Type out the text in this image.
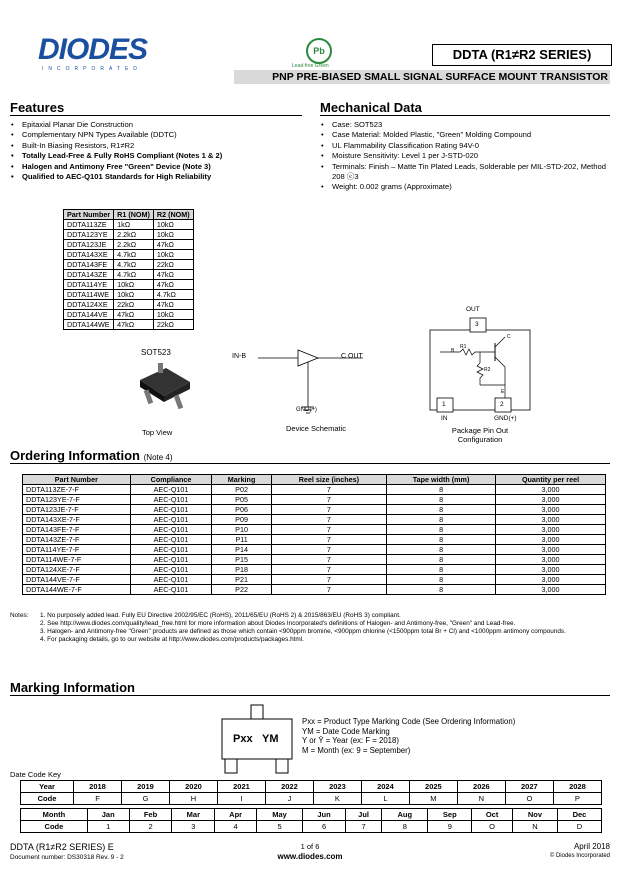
DIODES
INCORPORATED
Pb
Lead-free Green
DDTA (R1≠R2 SERIES)
PNP PRE-BIASED SMALL SIGNAL SURFACE MOUNT TRANSISTOR
Features
• Epitaxial Planar Die Construction
• Complementary NPN Types Available (DDTC)
• Built-In Biasing Resistors, R1≠R2
• Totally Lead-Free & Fully RoHS Compliant (Notes 1 & 2)
• Halogen and Antimony Free "Green" Device (Note 3)
• Qualified to AEC-Q101 Standards for High Reliability
Mechanical Data
• Case: SOT523
• Case Material: Molded Plastic, "Green" Molding Compound
• UL Flammability Classification Rating 94V-0
• Moisture Sensitivity: Level 1 per J-STD-020
• Terminals: Finish – Matte Tin Plated Leads, Solderable per MIL-STD-202, Method 208 ⓔ3
• Weight: 0.002 grams (Approximate)
Part Number	R1 (NOM)	R2 (NOM)
DDTA113ZE	1kΩ	10kΩ
DDTA123YE	2.2kΩ	10kΩ
DDTA123JE	2.2kΩ	47kΩ
DDTA143XE	4.7kΩ	10kΩ
DDTA143FE	4.7kΩ	22kΩ
DDTA143ZE	4.7kΩ	47kΩ
DDTA114YE	10kΩ	47kΩ
DDTA114WE	10kΩ	4.7kΩ
DDTA124XE	22kΩ	47kΩ
DDTA144VE	47kΩ	10kΩ
DDTA144WE	47kΩ	22kΩ
SOT523
Top View
IN-B	C OUT
GND(+)
Device Schematic
OUT
3
1	2
R1
R2
B
C
E
IN	GND(+)
Package Pin Out Configuration
Ordering Information (Note 4)
Part Number	Compliance	Marking	Reel size (inches)	Tape width (mm)	Quantity per reel
DDTA113ZE-7-F	AEC-Q101	P02	7	8	3,000
DDTA123YE-7-F	AEC-Q101	P05	7	8	3,000
DDTA123JE-7-F	AEC-Q101	P06	7	8	3,000
DDTA143XE-7-F	AEC-Q101	P09	7	8	3,000
DDTA143FE-7-F	AEC-Q101	P10	7	8	3,000
DDTA143ZE-7-F	AEC-Q101	P11	7	8	3,000
DDTA114YE-7-F	AEC-Q101	P14	7	8	3,000
DDTA114WE-7-F	AEC-Q101	P15	7	8	3,000
DDTA124XE-7-F	AEC-Q101	P18	7	8	3,000
DDTA144VE-7-F	AEC-Q101	P21	7	8	3,000
DDTA144WE-7-F	AEC-Q101	P22	7	8	3,000
Notes: 1. No purposely added lead. Fully EU Directive 2002/95/EC (RoHS), 2011/65/EU (RoHS 2) & 2015/863/EU (RoHS 3) compliant.
2. See http://www.diodes.com/quality/lead_free.html for more information about Diodes Incorporated's definitions of Halogen- and Antimony-free, "Green" and Lead-free.
3. Halogen- and Antimony-free "Green" products are defined as those which contain <900ppm bromine, <900ppm chlorine (<1500ppm total Br + Cl) and <1000ppm antimony compounds.
4. For packaging details, go to our website at http://www.diodes.com/products/packages.html.
Marking Information
Pxx YM
Pxx = Product Type Marking Code (See Ordering Information)
YM = Date Code Marking
Y or Ȳ = Year (ex: F = 2018)
M = Month (ex: 9 = September)
Date Code Key
Year	2018	2019	2020	2021	2022	2023	2024	2025	2026	2027	2028
Code	F	G	H	I	J	K	L	M	N	O	P
Month	Jan	Feb	Mar	Apr	May	Jun	Jul	Aug	Sep	Oct	Nov	Dec
Code	1	2	3	4	5	6	7	8	9	O	N	D
DDTA (R1≠R2 SERIES) E
Document number: DS30318 Rev. 9 - 2
1 of 6
www.diodes.com
April 2018
© Diodes Incorporated
